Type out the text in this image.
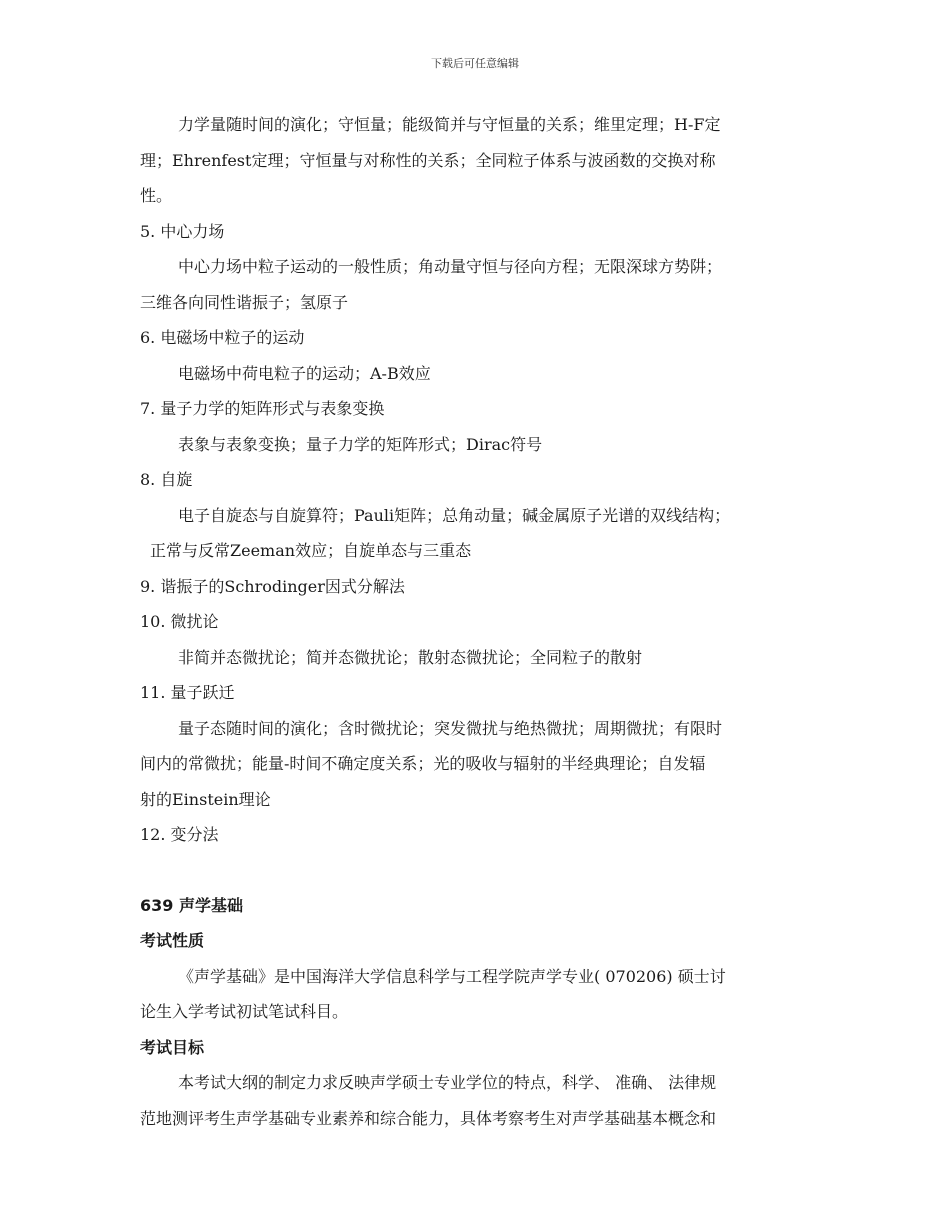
下载后可任意编辑
力学量随时间的演化；守恒量；能级简并与守恒量的关系；维里定理；H-F定
理；Ehrenfest定理；守恒量与对称性的关系；全同粒子体系与波函数的交换对称
性。
5. 中心力场
中心力场中粒子运动的一般性质；角动量守恒与径向方程；无限深球方势阱；
三维各向同性谐振子；氢原子
6. 电磁场中粒子的运动
电磁场中荷电粒子的运动；A-B效应
7. 量子力学的矩阵形式与表象变换
表象与表象变换；量子力学的矩阵形式；Dirac符号
8. 自旋
电子自旋态与自旋算符；Pauli矩阵；总角动量；碱金属原子光谱的双线结构；
正常与反常Zeeman效应；自旋单态与三重态
9. 谐振子的Schrodinger因式分解法
10. 微扰论
非简并态微扰论；简并态微扰论；散射态微扰论；全同粒子的散射
11. 量子跃迁
量子态随时间的演化；含时微扰论；突发微扰与绝热微扰；周期微扰；有限时
间内的常微扰；能量-时间不确定度关系；光的吸收与辐射的半经典理论；自发辐
射的Einstein理论
12. 变分法
639 声学基础
考试性质
《声学基础》是中国海洋大学信息科学与工程学院声学专业( 070206) 硕士讨
论生入学考试初试笔试科目。
考试目标
本考试大纲的制定力求反映声学硕士专业学位的特点，科学、 准确、 法律规
范地测评考生声学基础专业素养和综合能力，具体考察考生对声学基础基本概念和
